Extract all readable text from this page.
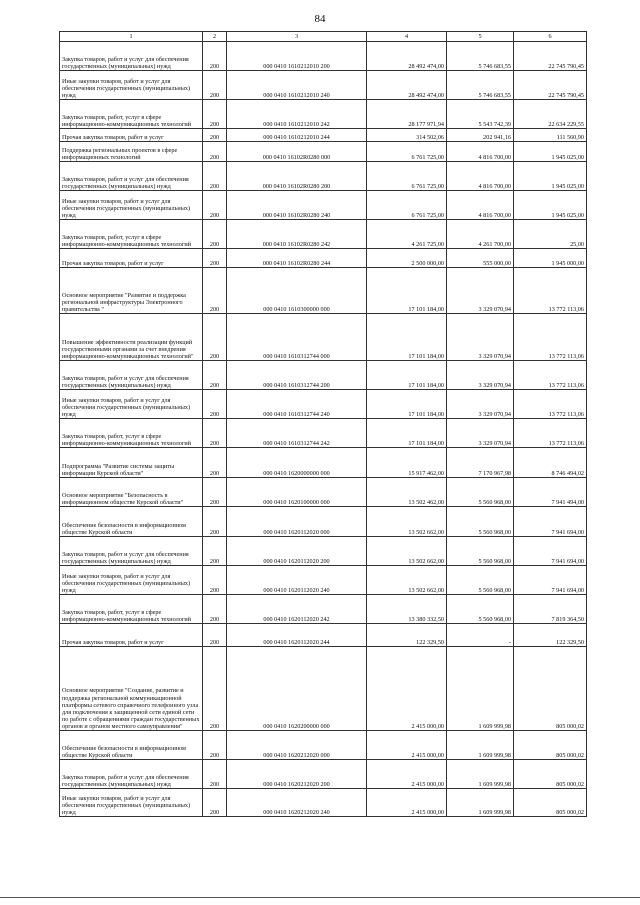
84
1	2	3	4	5	6
Закупка товаров, работ и услуг для обеспечения государственных (муниципальных) нужд	200	000 0410 1610212010 200	28 492 474,00	5 746 683,55	22 745 790,45
Иные закупки товаров, работ и услуг для обеспечения государственных (муниципальных) нужд	200	000 0410 1610212010 240	28 492 474,00	5 746 683,55	22 745 790,45
Закупка товаров, работ, услуг в сфере информационно-коммуникационных технологий	200	000 0410 1610212010 242	28 177 971,94	5 543 742,39	22 634 229,55
Прочая закупка товаров, работ и услуг	200	000 0410 1610212010 244	314 502,06	202 941,16	111 560,90
Поддержка региональных проектов в сфере информационных технологий	200	000 0410 16102R0280 000	6 761 725,00	4 816 700,00	1 945 025,00
Закупка товаров, работ и услуг для обеспечения государственных (муниципальных) нужд	200	000 0410 16102R0280 200	6 761 725,00	4 816 700,00	1 945 025,00
Иные закупки товаров, работ и услуг для обеспечения государственных (муниципальных) нужд	200	000 0410 16102R0280 240	6 761 725,00	4 816 700,00	1 945 025,00
Закупка товаров, работ, услуг в сфере информационно-коммуникационных технологий	200	000 0410 16102R0280 242	4 261 725,00	4 261 700,00	25,00
Прочая закупка товаров, работ и услуг	200	000 0410 16102R0280 244	2 500 000,00	555 000,00	1 945 000,00
Основное мероприятие "Развитие и поддержка региональной инфраструктуры Электронного правительства "	200	000 0410 1610300000 000	17 101 184,00	3 329 070,94	13 772 113,06
Повышение эффективности реализации функций государственными органами за счет внедрения информационно-коммуникационных технологий"	200	000 0410 1610312744 000	17 101 184,00	3 329 070,94	13 772 113,06
Закупка товаров, работ и услуг для обеспечения государственных (муниципальных) нужд	200	000 0410 1610312744 200	17 101 184,00	3 329 070,94	13 772 113,06
Иные закупки товаров, работ и услуг для обеспечения государственных (муниципальных) нужд	200	000 0410 1610312744 240	17 101 184,00	3 329 070,94	13 772 113,06
Закупка товаров, работ, услуг в сфере информационно-коммуникационных технологий	200	000 0410 1610312744 242	17 101 184,00	3 329 070,94	13 772 113,06
Подпрограмма "Развитие системы защиты информации Курской области"	200	000 0410 1620000000 000	15 917 462,00	7 170 967,98	8 746 494,02
Основное мероприятие "Безопасность в информационном обществе Курской области"	200	000 0410 1620100000 000	13 502 462,00	5 560 968,00	7 941 494,00
Обеспечение безопасности в информационном обществе Курской области	200	000 0410 1620112020 000	13 502 662,00	5 560 968,00	7 941 694,00
Закупка товаров, работ и услуг для обеспечения государственных (муниципальных) нужд	200	000 0410 1620112020 200	13 502 662,00	5 560 968,00	7 941 694,00
Иные закупки товаров, работ и услуг для обеспечения государственных (муниципальных) нужд	200	000 0410 1620112020 240	13 502 662,00	5 560 968,00	7 941 694,00
Закупка товаров, работ, услуг в сфере информационно-коммуникационных технологий	200	000 0410 1620112020 242	13 380 332,50	5 560 968,00	7 819 364,50
Прочая закупка товаров, работ и услуг	200	000 0410 1620112020 244	122 329,50	-	122 329,50
Основное мероприятие "Создание, развитие и поддержка региональной коммуникационной платформы сетевого справочного телефонного узла для подключения к защищенной сети единой сети по работе с обращениями граждан государственных органов и органов местного самоуправления"	200	000 0410 1620200000 000	2 415 000,00	1 609 999,98	805 000,02
Обеспечение безопасности в информационном обществе Курской области	200	000 0410 1620212020 000	2 415 000,00	1 609 999,98	805 000,02
Закупка товаров, работ и услуг для обеспечения государственных (муниципальных) нужд	200	000 0410 1620212020 200	2 415 000,00	1 609 999,98	805 000,02
Иные закупки товаров, работ и услуг для обеспечения государственных (муниципальных) нужд	200	000 0410 1620212020 240	2 415 000,00	1 609 999,98	805 000,02
